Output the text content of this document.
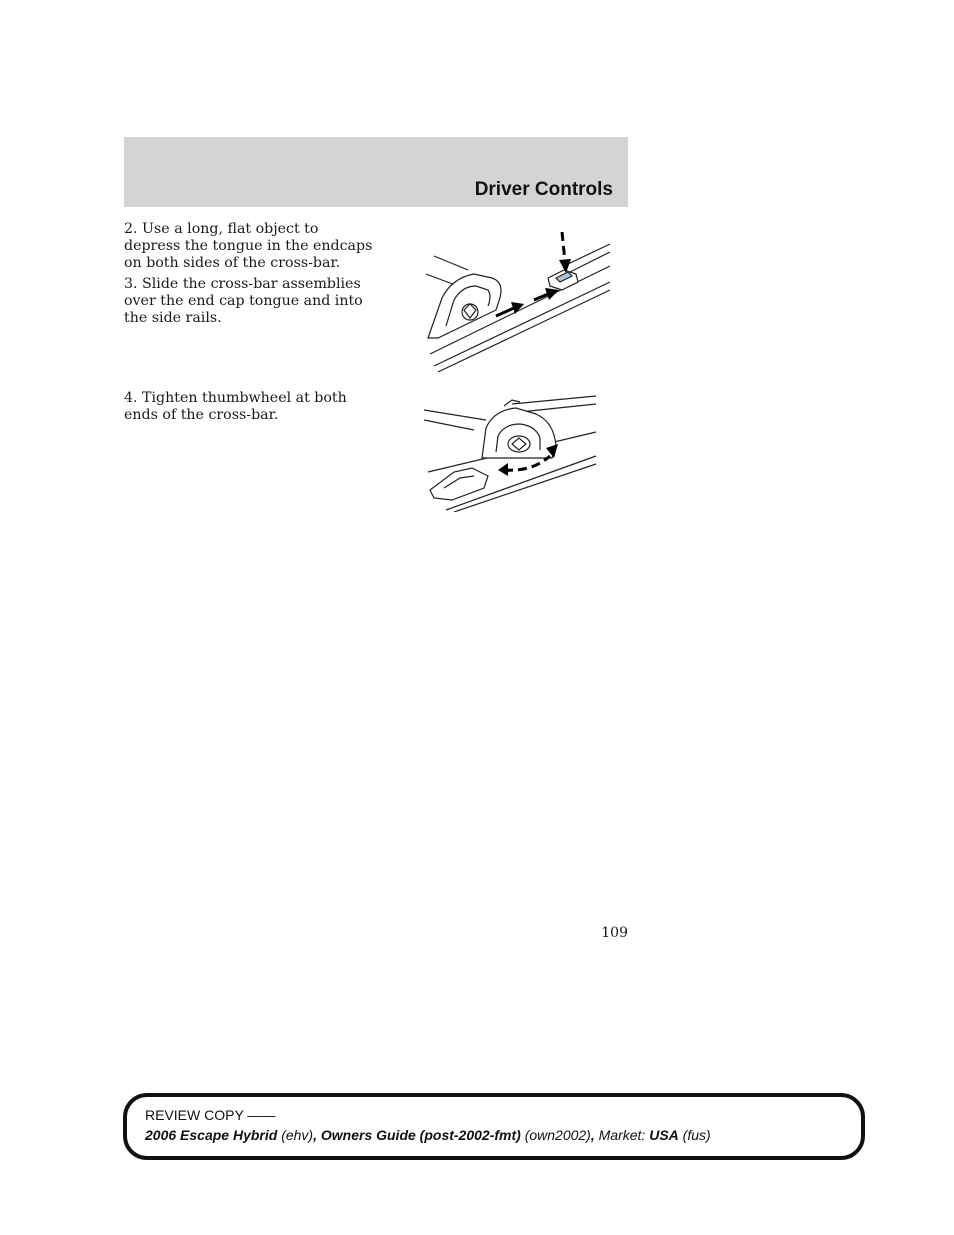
Driver Controls

2. Use a long, flat object to depress the tongue in the endcaps on both sides of the cross-bar.

3. Slide the cross-bar assemblies over the end cap tongue and into the side rails.

4. Tighten thumbwheel at both ends of the cross-bar.

109
REVIEW COPY ——
2006 Escape Hybrid (ehv), Owners Guide (post-2002-fmt) (own2002), Market: USA (fus)
